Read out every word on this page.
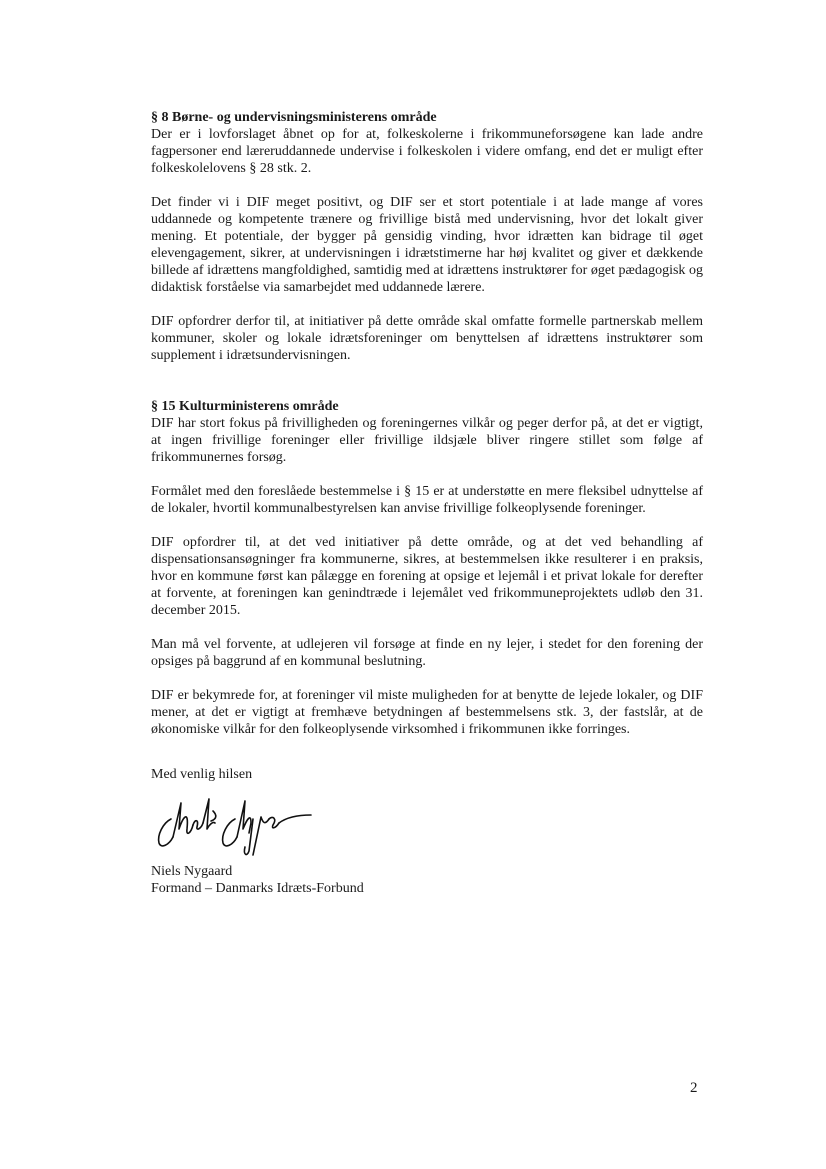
§ 8 Børne- og undervisningsministerens område

Der er i lovforslaget åbnet op for at, folkeskolerne i frikommuneforsøgene kan lade andre fagpersoner end læreruddannede undervise i folkeskolen i videre omfang, end det er muligt efter folkeskolelovens § 28 stk. 2.

Det finder vi i DIF meget positivt, og DIF ser et stort potentiale i at lade mange af vores uddannede og kompetente trænere og frivillige bistå med undervisning, hvor det lokalt giver mening. Et potentiale, der bygger på gensidig vinding, hvor idrætten kan bidrage til øget elevengagement, sikrer, at undervisningen i idrætstimerne har høj kvalitet og giver et dækkende billede af idrættens mangfoldighed, samtidig med at idrættens instruktører for øget pædagogisk og didaktisk forståelse via samarbejdet med uddannede lærere.

DIF opfordrer derfor til, at initiativer på dette område skal omfatte formelle partnerskab mellem kommuner, skoler og lokale idrætsforeninger om benyttelsen af idrættens instruktører som supplement i idrætsundervisningen.

§ 15 Kulturministerens område

DIF har stort fokus på frivilligheden og foreningernes vilkår og peger derfor på, at det er vigtigt, at ingen frivillige foreninger eller frivillige ildsjæle bliver ringere stillet som følge af frikommunernes forsøg.

Formålet med den foreslåede bestemmelse i § 15 er at understøtte en mere fleksibel udnyttelse af de lokaler, hvortil kommunalbestyrelsen kan anvise frivillige folkeoplysende foreninger.

DIF opfordrer til, at det ved initiativer på dette område, og at det ved behandling af dispensationsansøgninger fra kommunerne, sikres, at bestemmelsen ikke resulterer i en praksis, hvor en kommune først kan pålægge en forening at opsige et lejemål i et privat lokale for derefter at forvente, at foreningen kan genindtræde i lejemålet ved frikommuneprojektets udløb den 31. december 2015.

Man må vel forvente, at udlejeren vil forsøge at finde en ny lejer, i stedet for den forening der opsiges på baggrund af en kommunal beslutning.

DIF er bekymrede for, at foreninger vil miste muligheden for at benytte de lejede lokaler, og DIF mener, at det er vigtigt at fremhæve betydningen af bestemmelsens stk. 3, der fastslår, at de økonomiske vilkår for den folkeoplysende virksomhed i frikommunen ikke forringes.

Med venlig hilsen

Niels Nygaard

Formand – Danmarks Idræts-Forbund

2
